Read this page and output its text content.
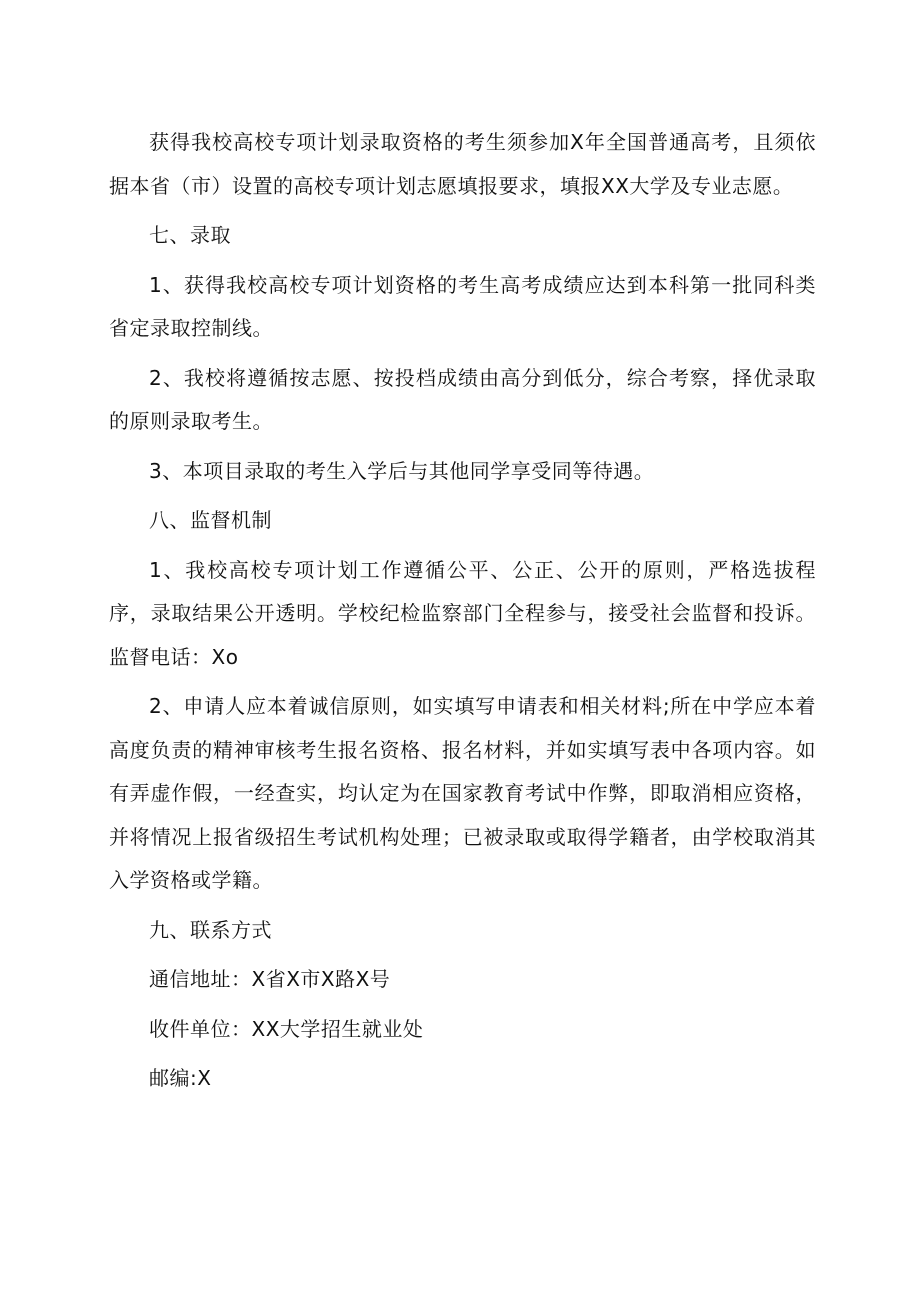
获得我校高校专项计划录取资格的考生须参加X年全国普通高考，且须依据本省（市）设置的高校专项计划志愿填报要求，填报XX大学及专业志愿。

七、录取

1、获得我校高校专项计划资格的考生高考成绩应达到本科第一批同科类省定录取控制线。

2、我校将遵循按志愿、按投档成绩由高分到低分，综合考察，择优录取的原则录取考生。

3、本项目录取的考生入学后与其他同学享受同等待遇。

八、监督机制

1、我校高校专项计划工作遵循公平、公正、公开的原则，严格选拔程序，录取结果公开透明。学校纪检监察部门全程参与，接受社会监督和投诉。监督电话：Xo

2、申请人应本着诚信原则，如实填写申请表和相关材料;所在中学应本着高度负责的精神审核考生报名资格、报名材料，并如实填写表中各项内容。如有弄虚作假，一经查实，均认定为在国家教育考试中作弊，即取消相应资格，并将情况上报省级招生考试机构处理；已被录取或取得学籍者，由学校取消其入学资格或学籍。

九、联系方式

通信地址：X省X市X路X号

收件单位：XX大学招生就业处

邮编:X
